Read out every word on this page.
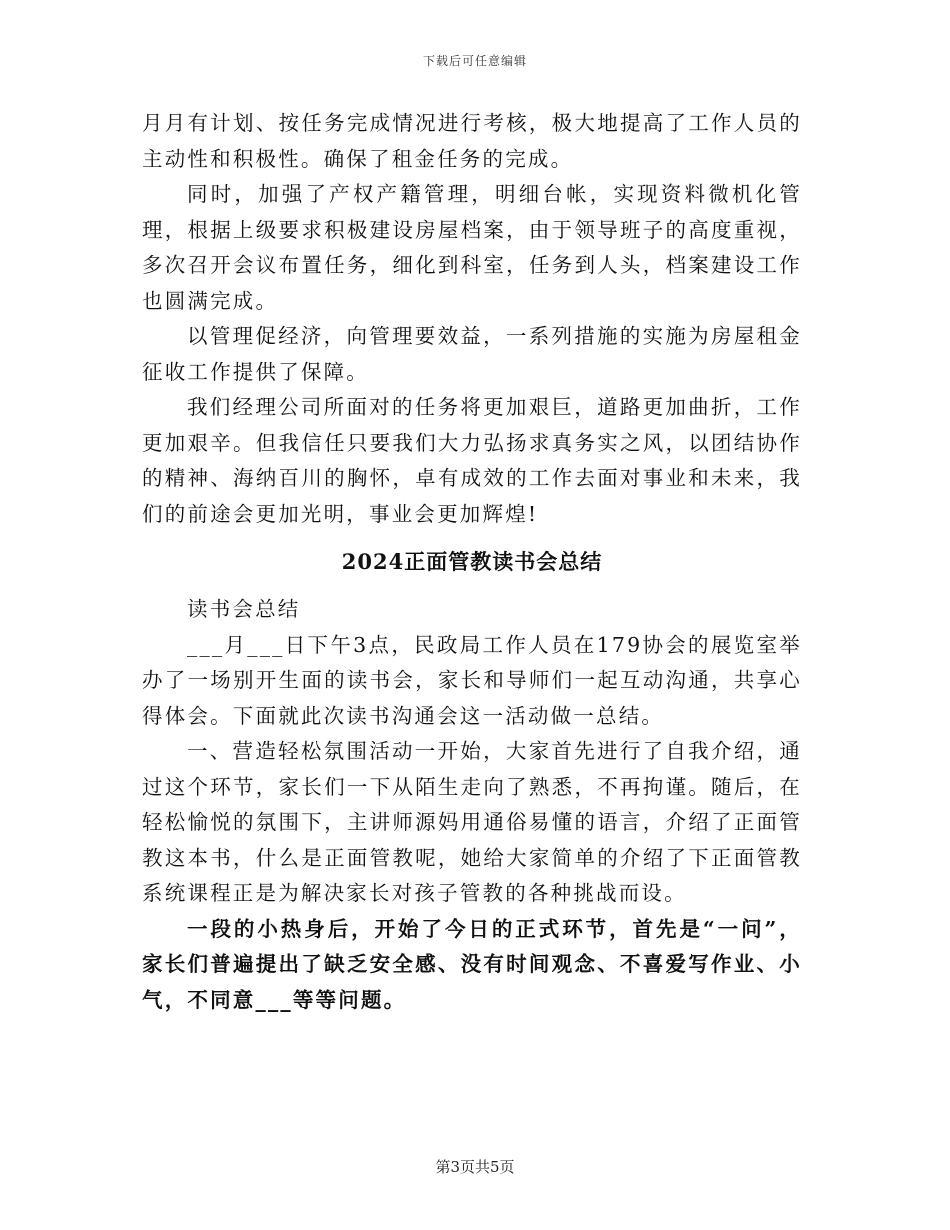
下载后可任意编辑

月月有计划、按任务完成情况进行考核，极大地提高了工作人员的主动性和积极性。确保了租金任务的完成。

同时，加强了产权产籍管理，明细台帐，实现资料微机化管理，根据上级要求积极建设房屋档案，由于领导班子的高度重视，多次召开会议布置任务，细化到科室，任务到人头，档案建设工作也圆满完成。

以管理促经济，向管理要效益，一系列措施的实施为房屋租金征收工作提供了保障。

我们经理公司所面对的任务将更加艰巨，道路更加曲折，工作更加艰辛。但我信任只要我们大力弘扬求真务实之风，以团结协作的精神、海纳百川的胸怀，卓有成效的工作去面对事业和未来，我们的前途会更加光明，事业会更加辉煌!

2024正面管教读书会总结

读书会总结

___月___日下午3点，民政局工作人员在179协会的展览室举办了一场别开生面的读书会，家长和导师们一起互动沟通，共享心得体会。下面就此次读书沟通会这一活动做一总结。

一、营造轻松氛围活动一开始，大家首先进行了自我介绍，通过这个环节，家长们一下从陌生走向了熟悉，不再拘谨。随后，在轻松愉悦的氛围下，主讲师源妈用通俗易懂的语言，介绍了正面管教这本书，什么是正面管教呢，她给大家简单的介绍了下正面管教系统课程正是为解决家长对孩子管教的各种挑战而设。

一段的小热身后，开始了今日的正式环节，首先是“一问”，家长们普遍提出了缺乏安全感、没有时间观念、不喜爱写作业、小气，不同意___等等问题。

第3页共5页
